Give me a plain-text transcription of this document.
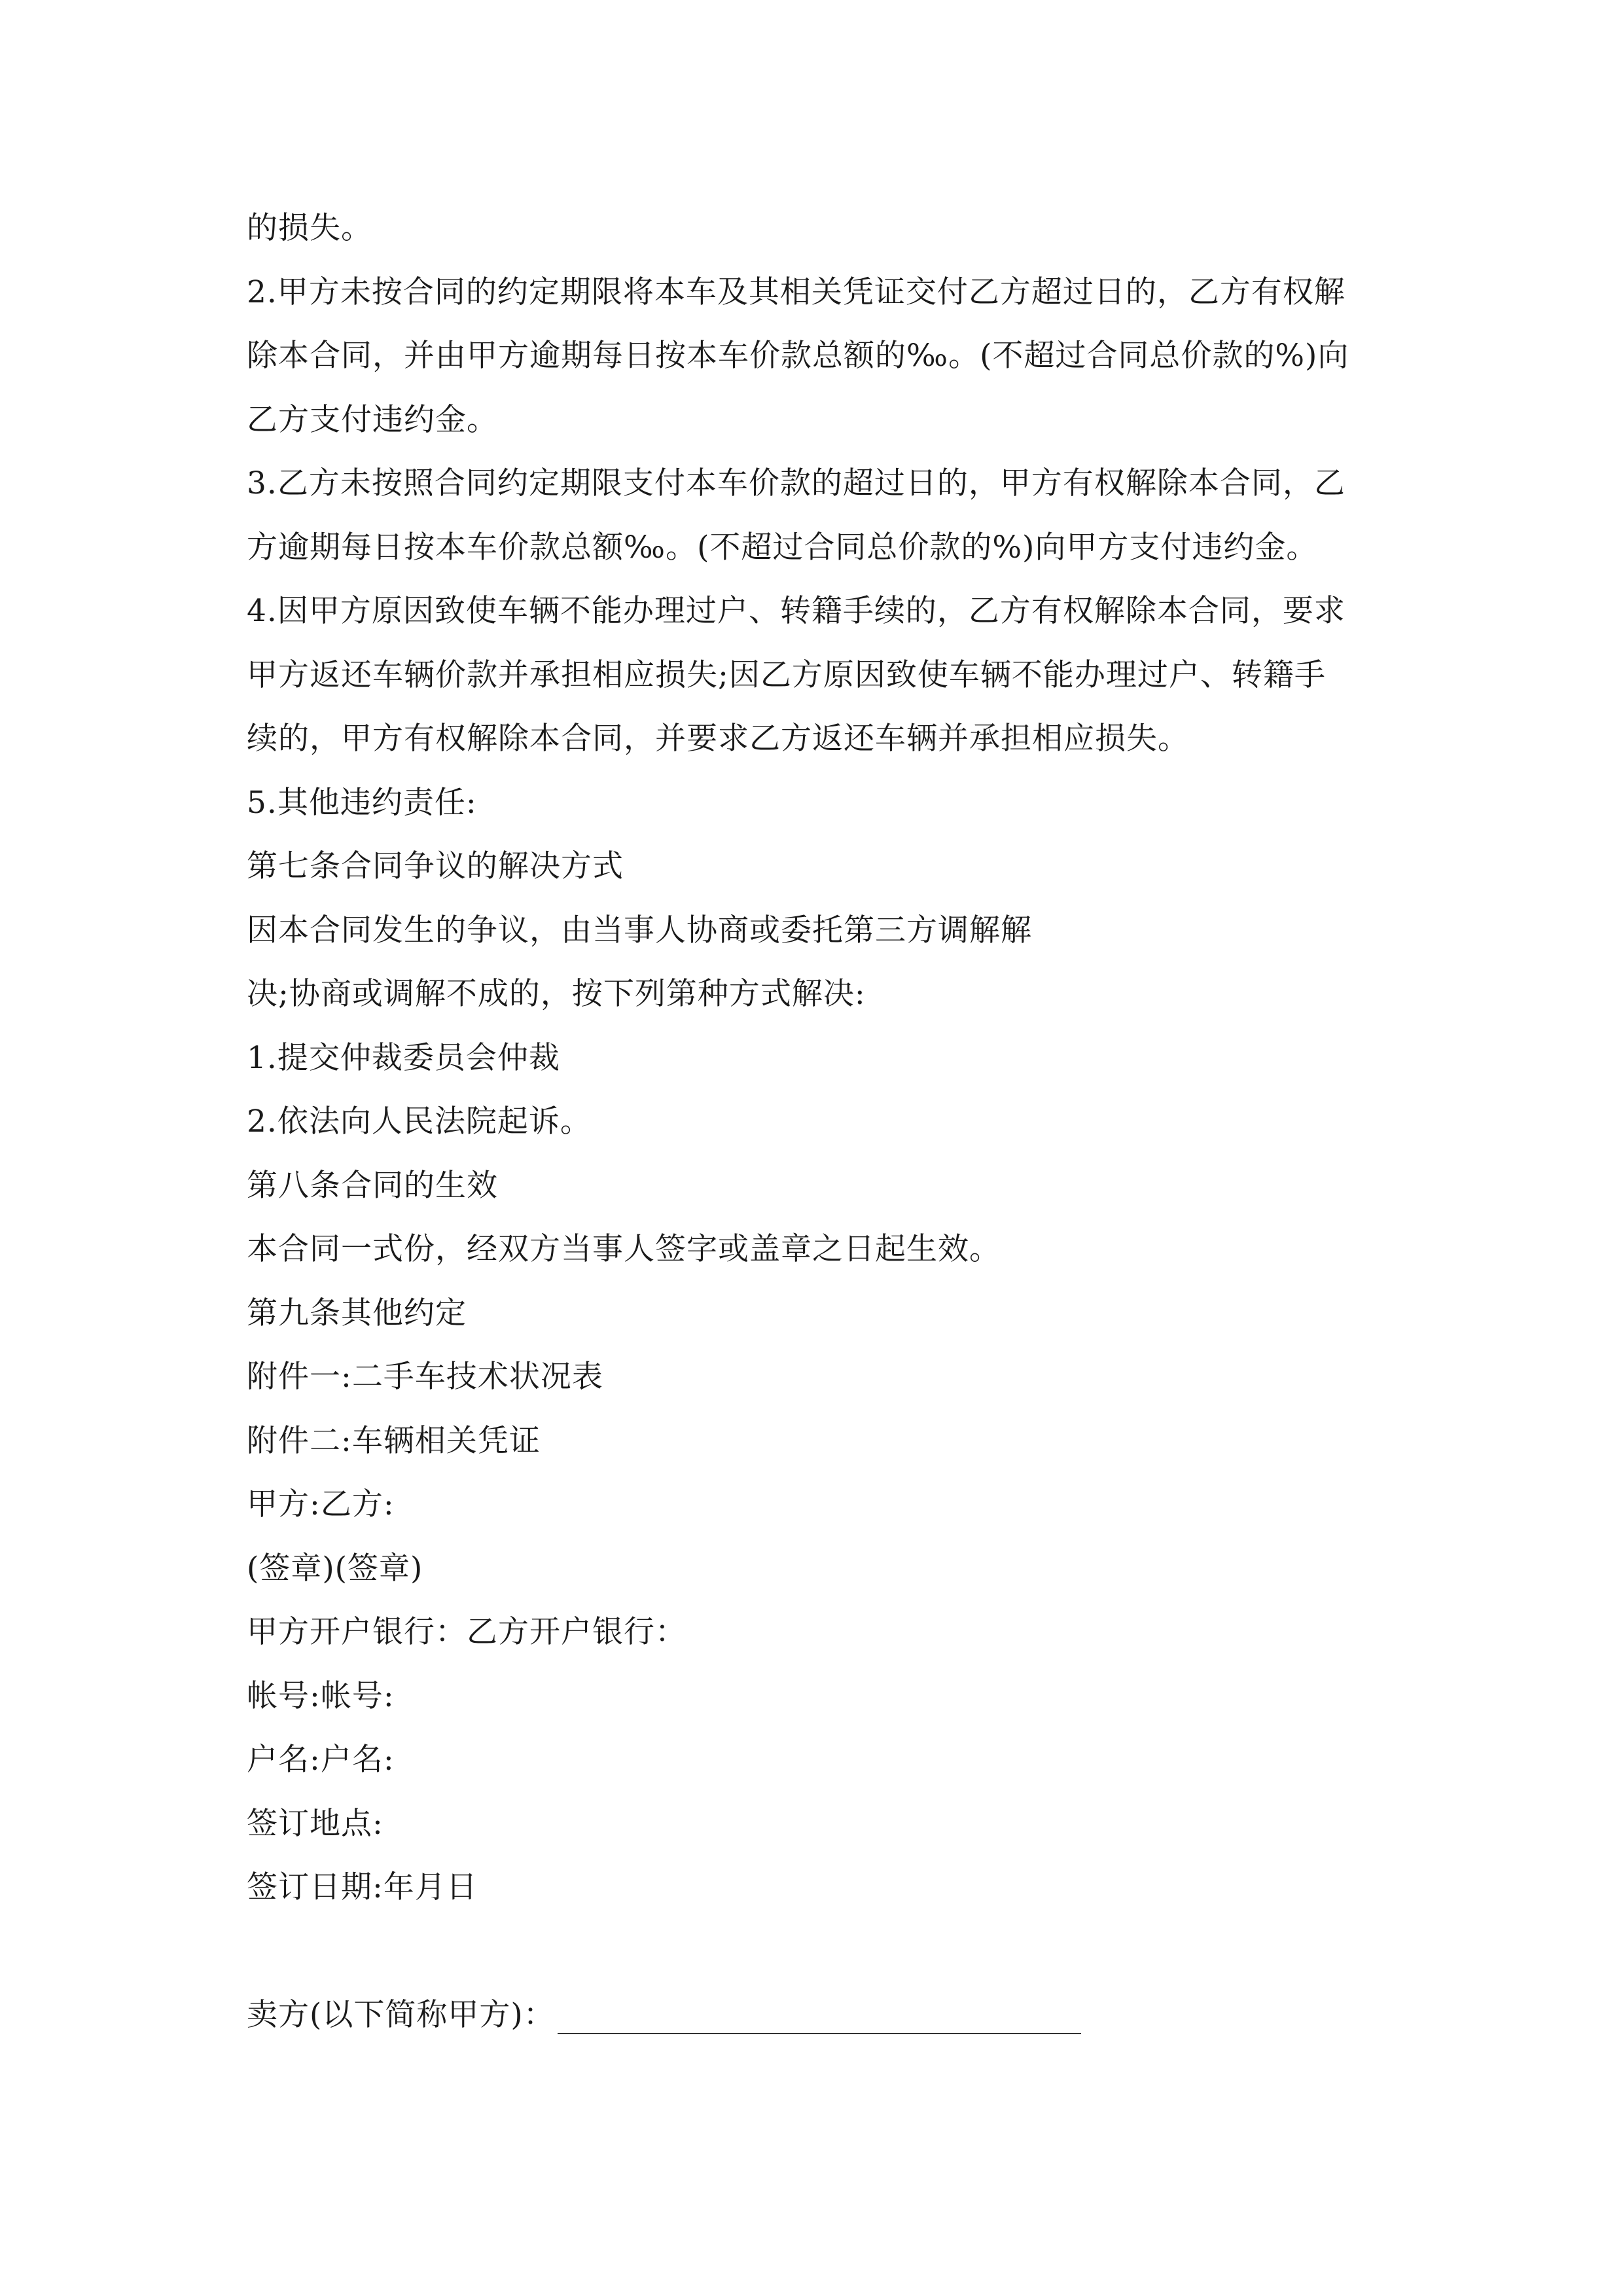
的损失。
2.甲方未按合同的约定期限将本车及其相关凭证交付乙方超过日的，乙方有权解
除本合同，并由甲方逾期每日按本车价款总额的‰。(不超过合同总价款的%)向
乙方支付违约金。
3.乙方未按照合同约定期限支付本车价款的超过日的，甲方有权解除本合同，乙
方逾期每日按本车价款总额‰。(不超过合同总价款的%)向甲方支付违约金。
4.因甲方原因致使车辆不能办理过户、转籍手续的，乙方有权解除本合同，要求
甲方返还车辆价款并承担相应损失;因乙方原因致使车辆不能办理过户、转籍手
续的，甲方有权解除本合同，并要求乙方返还车辆并承担相应损失。
5.其他违约责任:
第七条合同争议的解决方式
因本合同发生的争议，由当事人协商或委托第三方调解解
决;协商或调解不成的，按下列第种方式解决:
1.提交仲裁委员会仲裁
2.依法向人民法院起诉。
第八条合同的生效
本合同一式份，经双方当事人签字或盖章之日起生效。
第九条其他约定
附件一:二手车技术状况表
附件二:车辆相关凭证
甲方:乙方:
(签章)(签章)
甲方开户银行：乙方开户银行：
帐号:帐号:
户名:户名:
签订地点:
签订日期:年月日
卖方(以下简称甲方)：
